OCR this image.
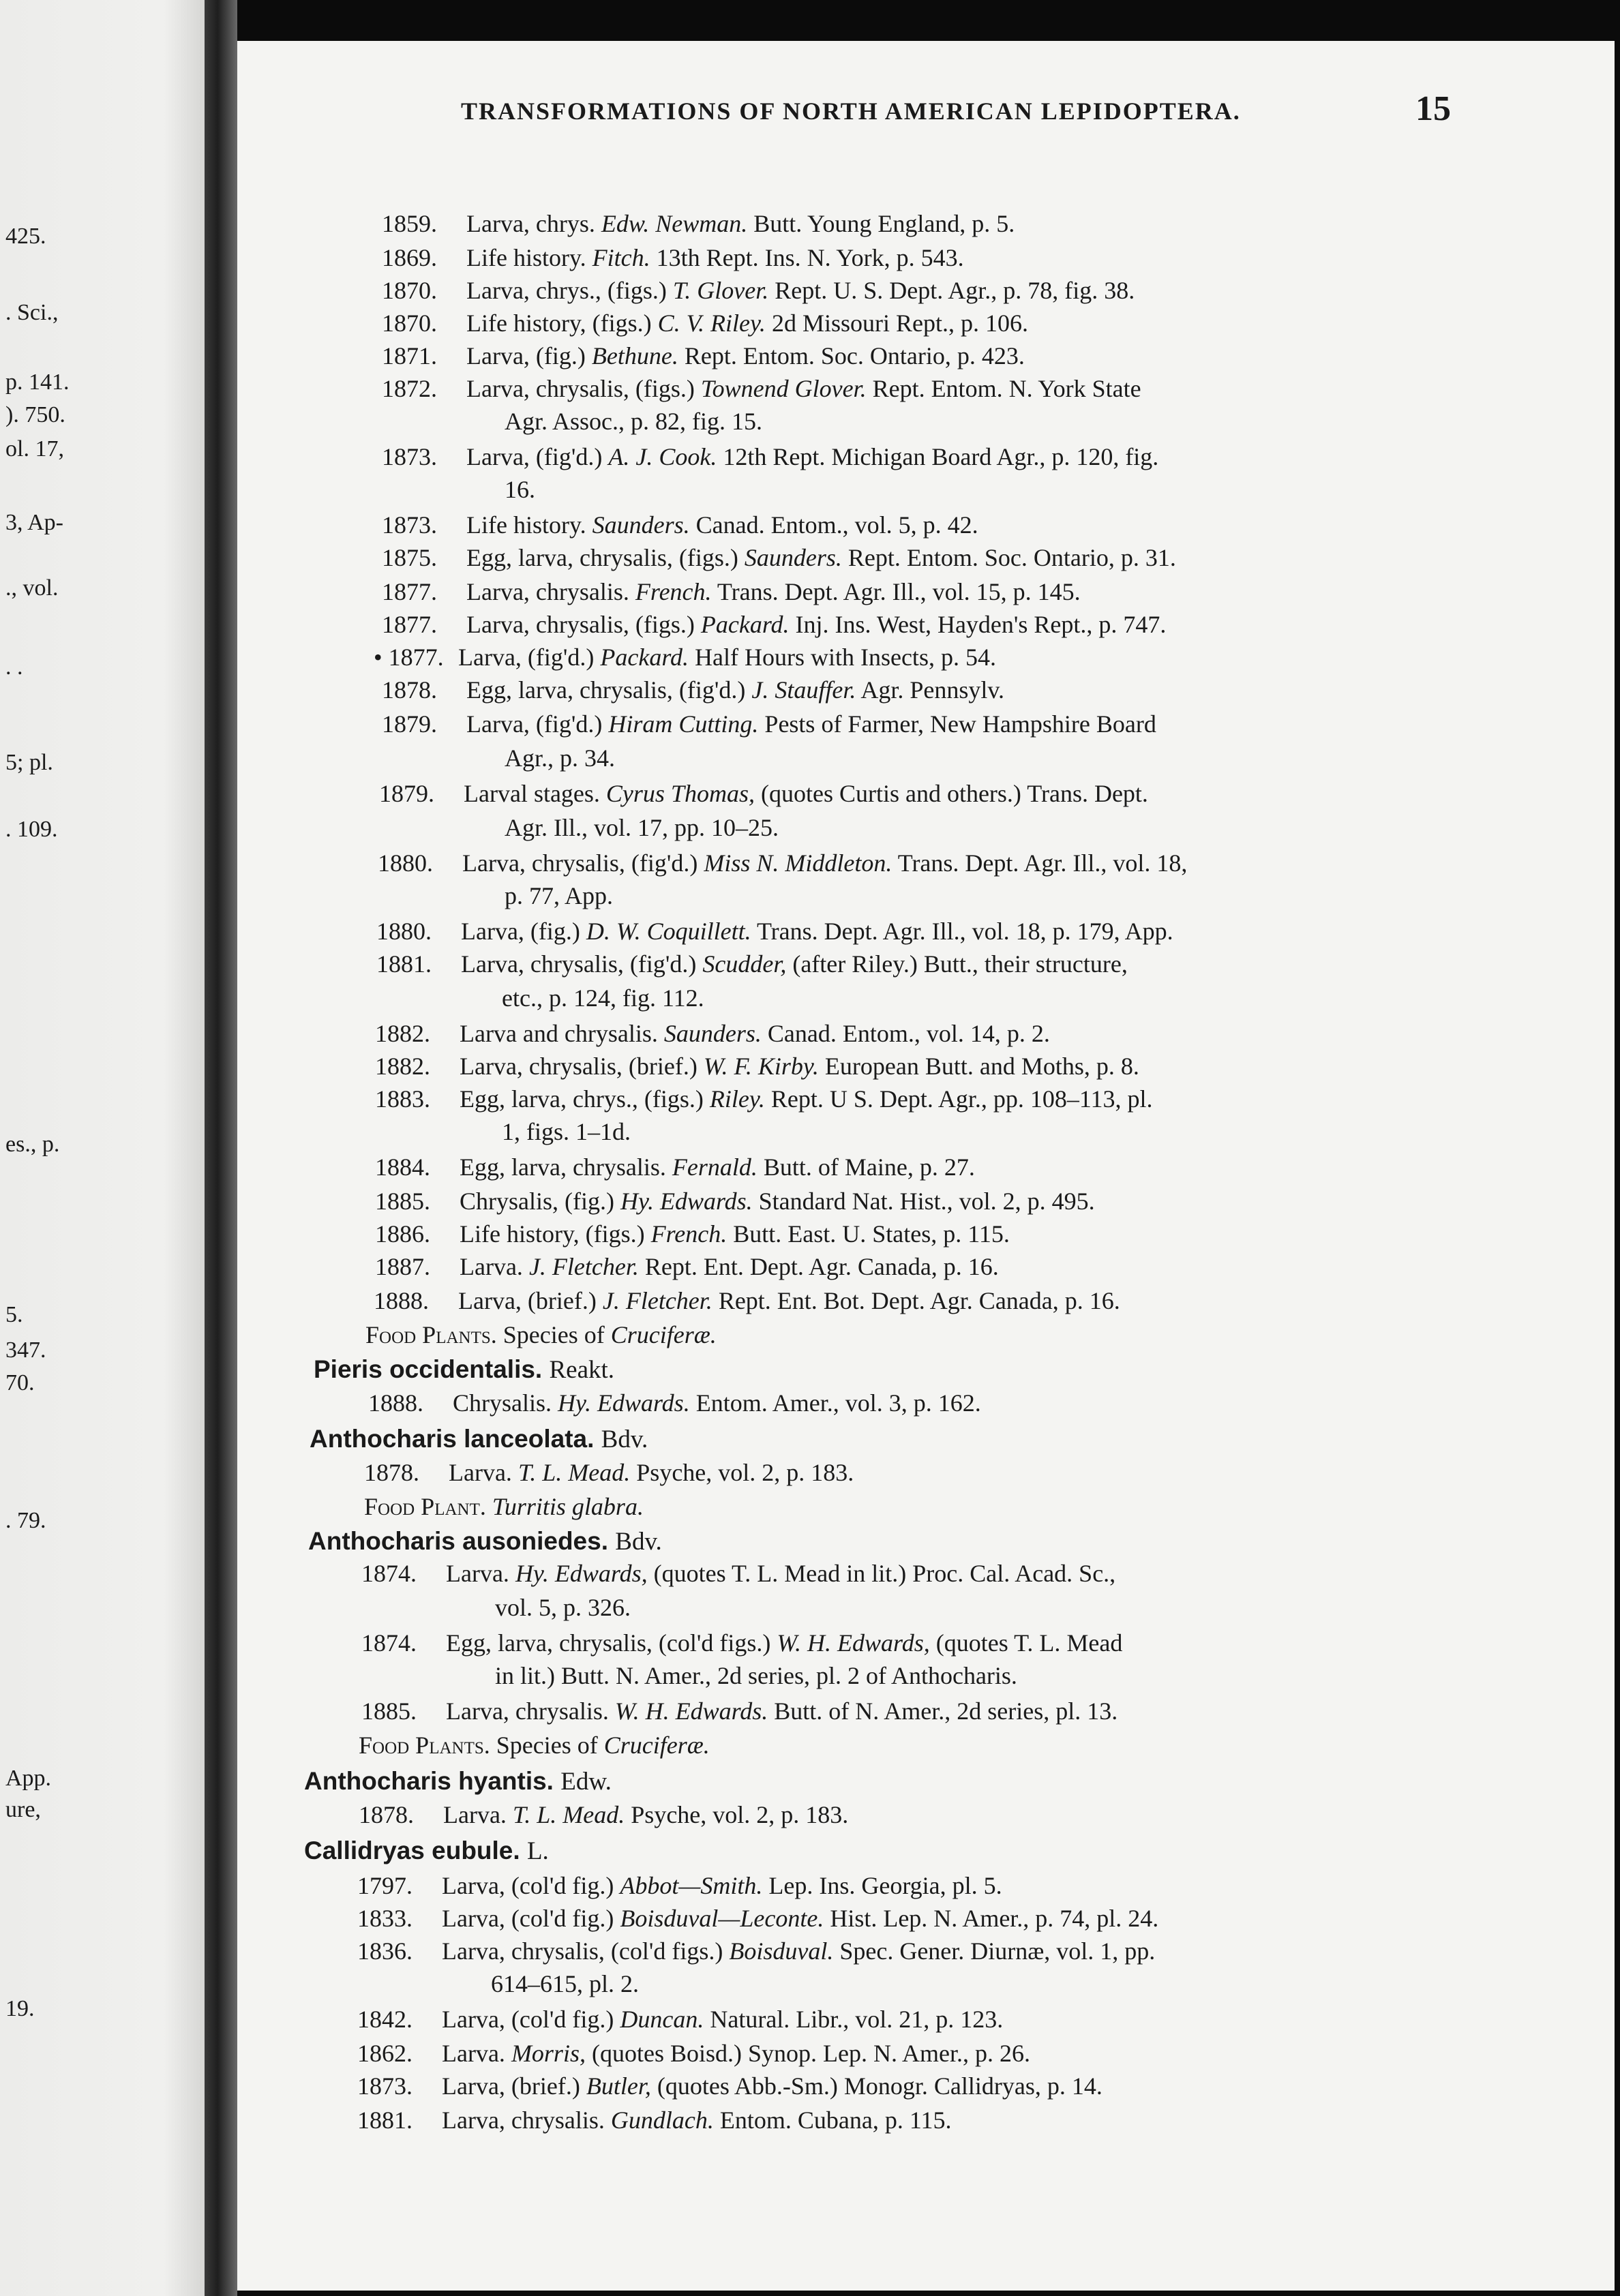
425.
. Sci.,
p. 141.
). 750.
ol. 17,
3, Ap-
., vol.
. .
5; pl.
. 109.
es., p.
5.
347.
70.
. 79.
App.
ure,
19.
TRANSFORMATIONS OF NORTH AMERICAN LEPIDOPTERA.	15
1859. Larva, chrys. Edw. Newman. Butt. Young England, p. 5.
1869. Life history. Fitch. 13th Rept. Ins. N. York, p. 543.
1870. Larva, chrys., (figs.) T. Glover. Rept. U. S. Dept. Agr., p. 78, fig. 38.
1870. Life history, (figs.) C. V. Riley. 2d Missouri Rept., p. 106.
1871. Larva, (fig.) Bethune. Rept. Entom. Soc. Ontario, p. 423.
1872. Larva, chrysalis, (figs.) Townend Glover. Rept. Entom. N. York State
Agr. Assoc., p. 82, fig. 15.
1873. Larva, (fig'd.) A. J. Cook. 12th Rept. Michigan Board Agr., p. 120, fig.
16.
1873. Life history. Saunders. Canad. Entom., vol. 5, p. 42.
1875. Egg, larva, chrysalis, (figs.) Saunders. Rept. Entom. Soc. Ontario, p. 31.
1877. Larva, chrysalis. French. Trans. Dept. Agr. Ill., vol. 15, p. 145.
1877. Larva, chrysalis, (figs.) Packard. Inj. Ins. West, Hayden's Rept., p. 747.
• 1877. Larva, (fig'd.) Packard. Half Hours with Insects, p. 54.
1878. Egg, larva, chrysalis, (fig'd.) J. Stauffer. Agr. Pennsylv.
1879. Larva, (fig'd.) Hiram Cutting. Pests of Farmer, New Hampshire Board
Agr., p. 34.
1879. Larval stages. Cyrus Thomas, (quotes Curtis and others.) Trans. Dept.
Agr. Ill., vol. 17, pp. 10–25.
1880. Larva, chrysalis, (fig'd.) Miss N. Middleton. Trans. Dept. Agr. Ill., vol. 18,
p. 77, App.
1880. Larva, (fig.) D. W. Coquillett. Trans. Dept. Agr. Ill., vol. 18, p. 179, App.
1881. Larva, chrysalis, (fig'd.) Scudder, (after Riley.) Butt., their structure,
etc., p. 124, fig. 112.
1882. Larva and chrysalis. Saunders. Canad. Entom., vol. 14, p. 2.
1882. Larva, chrysalis, (brief.) W. F. Kirby. European Butt. and Moths, p. 8.
1883. Egg, larva, chrys., (figs.) Riley. Rept. U S. Dept. Agr., pp. 108–113, pl.
1, figs. 1–1d.
1884. Egg, larva, chrysalis. Fernald. Butt. of Maine, p. 27.
1885. Chrysalis, (fig.) Hy. Edwards. Standard Nat. Hist., vol. 2, p. 495.
1886. Life history, (figs.) French. Butt. East. U. States, p. 115.
1887. Larva. J. Fletcher. Rept. Ent. Dept. Agr. Canada, p. 16.
1888. Larva, (brief.) J. Fletcher. Rept. Ent. Bot. Dept. Agr. Canada, p. 16.
Food Plants. Species of Cruciferæ.
Pieris occidentalis. Reakt.
1888. Chrysalis. Hy. Edwards. Entom. Amer., vol. 3, p. 162.
Anthocharis lanceolata. Bdv.
1878. Larva. T. L. Mead. Psyche, vol. 2, p. 183.
Food Plant. Turritis glabra.
Anthocharis ausoniedes. Bdv.
1874. Larva. Hy. Edwards, (quotes T. L. Mead in lit.) Proc. Cal. Acad. Sc.,
vol. 5, p. 326.
1874. Egg, larva, chrysalis, (col'd figs.) W. H. Edwards, (quotes T. L. Mead
in lit.) Butt. N. Amer., 2d series, pl. 2 of Anthocharis.
1885. Larva, chrysalis. W. H. Edwards. Butt. of N. Amer., 2d series, pl. 13.
Food Plants. Species of Cruciferæ.
Anthocharis hyantis. Edw.
1878. Larva. T. L. Mead. Psyche, vol. 2, p. 183.
Callidryas eubule. L.
1797. Larva, (col'd fig.) Abbot—Smith. Lep. Ins. Georgia, pl. 5.
1833. Larva, (col'd fig.) Boisduval—Leconte. Hist. Lep. N. Amer., p. 74, pl. 24.
1836. Larva, chrysalis, (col'd figs.) Boisduval. Spec. Gener. Diurnæ, vol. 1, pp.
614–615, pl. 2.
1842. Larva, (col'd fig.) Duncan. Natural. Libr., vol. 21, p. 123.
1862. Larva. Morris, (quotes Boisd.) Synop. Lep. N. Amer., p. 26.
1873. Larva, (brief.) Butler, (quotes Abb.-Sm.) Monogr. Callidryas, p. 14.
1881. Larva, chrysalis. Gundlach. Entom. Cubana, p. 115.
